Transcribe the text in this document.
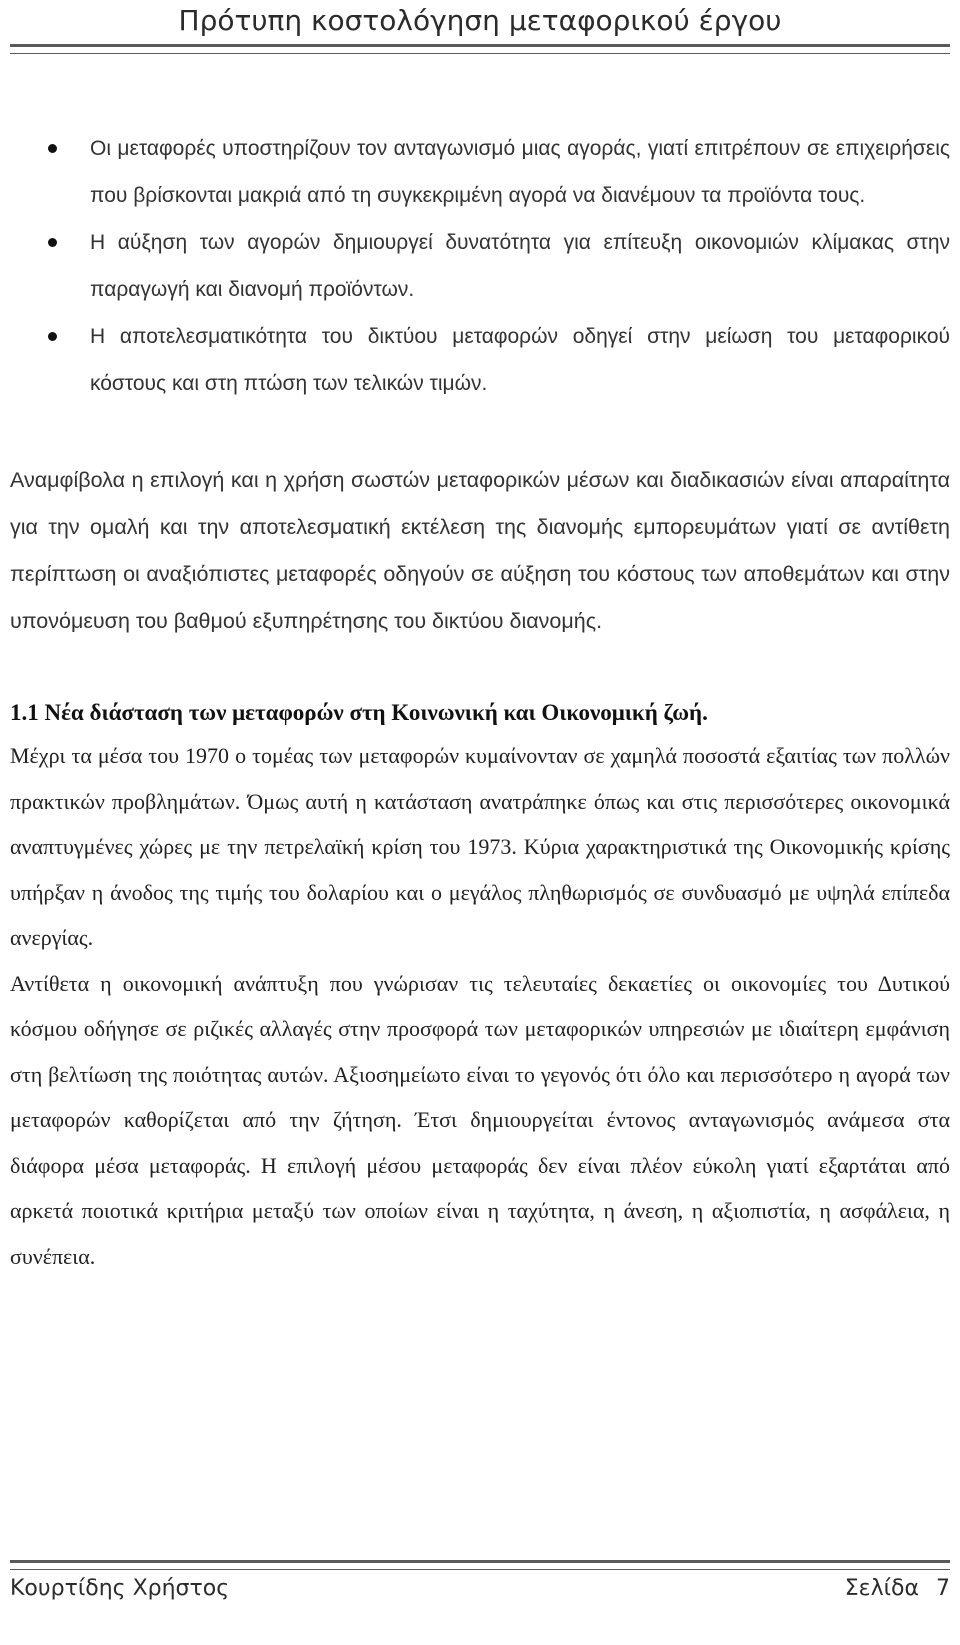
Πρότυπη κοστολόγηση μεταφορικού έργου
Οι μεταφορές υποστηρίζουν τον ανταγωνισμό μιας αγοράς, γιατί επιτρέπουν σε επιχειρήσεις που βρίσκονται μακριά από τη συγκεκριμένη αγορά να διανέμουν τα προϊόντα τους.
Η αύξηση των αγορών δημιουργεί δυνατότητα για επίτευξη οικονομιών κλίμακας στην παραγωγή και διανομή προϊόντων.
Η αποτελεσματικότητα του δικτύου μεταφορών οδηγεί στην μείωση του μεταφορικού κόστους και στη πτώση των τελικών τιμών.

Αναμφίβολα η επιλογή και η χρήση σωστών μεταφορικών μέσων και διαδικασιών είναι απαραίτητα για την ομαλή και την αποτελεσματική εκτέλεση της διανομής εμπορευμάτων γιατί σε αντίθετη περίπτωση οι αναξιόπιστες μεταφορές οδηγούν σε αύξηση του κόστους των αποθεμάτων και στην υπονόμευση του βαθμού εξυπηρέτησης του δικτύου διανομής.

1.1 Νέα διάσταση των μεταφορών στη Κοινωνική και Οικονομική ζωή.

Μέχρι τα μέσα του 1970 ο τομέας των μεταφορών κυμαίνονταν σε χαμηλά ποσοστά εξαιτίας των πολλών πρακτικών προβλημάτων. Όμως αυτή η κατάσταση ανατράπηκε όπως και στις περισσότερες οικονομικά αναπτυγμένες χώρες με την πετρελαϊκή κρίση του 1973. Κύρια χαρακτηριστικά της Οικονομικής κρίσης υπήρξαν η άνοδος της τιμής του δολαρίου και ο μεγάλος πληθωρισμός σε συνδυασμό με υψηλά επίπεδα ανεργίας.

Αντίθετα η οικονομική ανάπτυξη που γνώρισαν τις τελευταίες δεκαετίες οι οικονομίες του Δυτικού κόσμου οδήγησε σε ριζικές αλλαγές στην προσφορά των μεταφορικών υπηρεσιών με ιδιαίτερη εμφάνιση στη βελτίωση της ποιότητας αυτών. Αξιοσημείωτο είναι το γεγονός ότι όλο και περισσότερο η αγορά των μεταφορών καθορίζεται από την ζήτηση. Έτσι δημιουργείται έντονος ανταγωνισμός ανάμεσα στα διάφορα μέσα μεταφοράς. Η επιλογή μέσου μεταφοράς δεν είναι πλέον εύκολη γιατί εξαρτάται από αρκετά ποιοτικά κριτήρια μεταξύ των οποίων είναι η ταχύτητα, η άνεση, η αξιοπιστία, η ασφάλεια, η συνέπεια.

Κουρτίδης Χρήστος	Σελίδα 7
